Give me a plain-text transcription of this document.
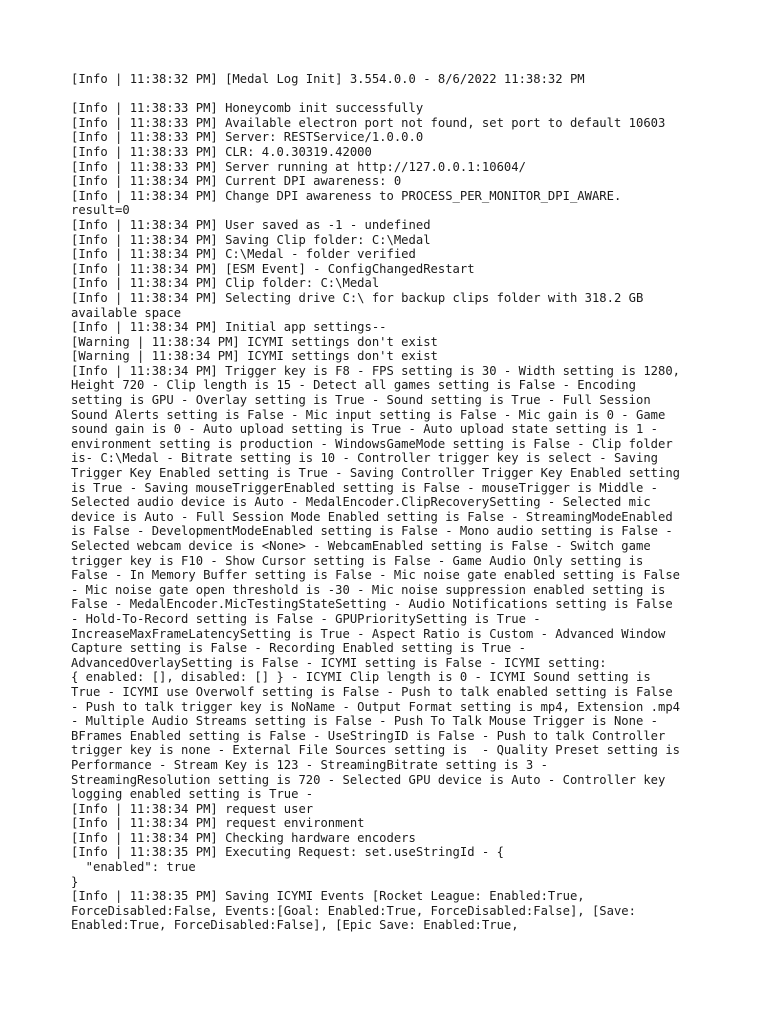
[Info | 11:38:32 PM] [Medal Log Init] 3.554.0.0 - 8/6/2022 11:38:32 PM
[Info | 11:38:33 PM] Honeycomb init successfully
[Info | 11:38:33 PM] Available electron port not found, set port to default 10603
[Info | 11:38:33 PM] Server: RESTService/1.0.0.0
[Info | 11:38:33 PM] CLR: 4.0.30319.42000
[Info | 11:38:33 PM] Server running at http://127.0.0.1:10604/
[Info | 11:38:34 PM] Current DPI awareness: 0
[Info | 11:38:34 PM] Change DPI awareness to PROCESS_PER_MONITOR_DPI_AWARE.
result=0
[Info | 11:38:34 PM] User saved as -1 - undefined
[Info | 11:38:34 PM] Saving Clip folder: C:\Medal
[Info | 11:38:34 PM] C:\Medal - folder verified
[Info | 11:38:34 PM] [ESM Event] - ConfigChangedRestart
[Info | 11:38:34 PM] Clip folder: C:\Medal
[Info | 11:38:34 PM] Selecting drive C:\ for backup clips folder with 318.2 GB
available space
[Info | 11:38:34 PM] Initial app settings--
[Warning | 11:38:34 PM] ICYMI settings don't exist
[Warning | 11:38:34 PM] ICYMI settings don't exist
[Info | 11:38:34 PM] Trigger key is F8 - FPS setting is 30 - Width setting is 1280,
Height 720 - Clip length is 15 - Detect all games setting is False - Encoding
setting is GPU - Overlay setting is True - Sound setting is True - Full Session
Sound Alerts setting is False - Mic input setting is False - Mic gain is 0 - Game
sound gain is 0 - Auto upload setting is True - Auto upload state setting is 1 -
environment setting is production - WindowsGameMode setting is False - Clip folder
is- C:\Medal - Bitrate setting is 10 - Controller trigger key is select - Saving
Trigger Key Enabled setting is True - Saving Controller Trigger Key Enabled setting
is True - Saving mouseTriggerEnabled setting is False - mouseTrigger is Middle -
Selected audio device is Auto - MedalEncoder.ClipRecoverySetting - Selected mic
device is Auto - Full Session Mode Enabled setting is False - StreamingModeEnabled
is False - DevelopmentModeEnabled setting is False - Mono audio setting is False -
Selected webcam device is <None> - WebcamEnabled setting is False - Switch game
trigger key is F10 - Show Cursor setting is False - Game Audio Only setting is
False - In Memory Buffer setting is False - Mic noise gate enabled setting is False
- Mic noise gate open threshold is -30 - Mic noise suppression enabled setting is
False - MedalEncoder.MicTestingStateSetting - Audio Notifications setting is False
- Hold-To-Record setting is False - GPUPrioritySetting is True -
IncreaseMaxFrameLatencySetting is True - Aspect Ratio is Custom - Advanced Window
Capture setting is False - Recording Enabled setting is True -
AdvancedOverlaySetting is False - ICYMI setting is False - ICYMI setting:
{ enabled: [], disabled: [] } - ICYMI Clip length is 0 - ICYMI Sound setting is
True - ICYMI use Overwolf setting is False - Push to talk enabled setting is False
- Push to talk trigger key is NoName - Output Format setting is mp4, Extension .mp4
- Multiple Audio Streams setting is False - Push To Talk Mouse Trigger is None -
BFrames Enabled setting is False - UseStringID is False - Push to talk Controller
trigger key is none - External File Sources setting is  - Quality Preset setting is
Performance - Stream Key is 123 - StreamingBitrate setting is 3 -
StreamingResolution setting is 720 - Selected GPU device is Auto - Controller key
logging enabled setting is True -
[Info | 11:38:34 PM] request user
[Info | 11:38:34 PM] request environment
[Info | 11:38:34 PM] Checking hardware encoders
[Info | 11:38:35 PM] Executing Request: set.useStringId - {
"enabled": true
}
[Info | 11:38:35 PM] Saving ICYMI Events [Rocket League: Enabled:True,
ForceDisabled:False, Events:[Goal: Enabled:True, ForceDisabled:False], [Save:
Enabled:True, ForceDisabled:False], [Epic Save: Enabled:True,
